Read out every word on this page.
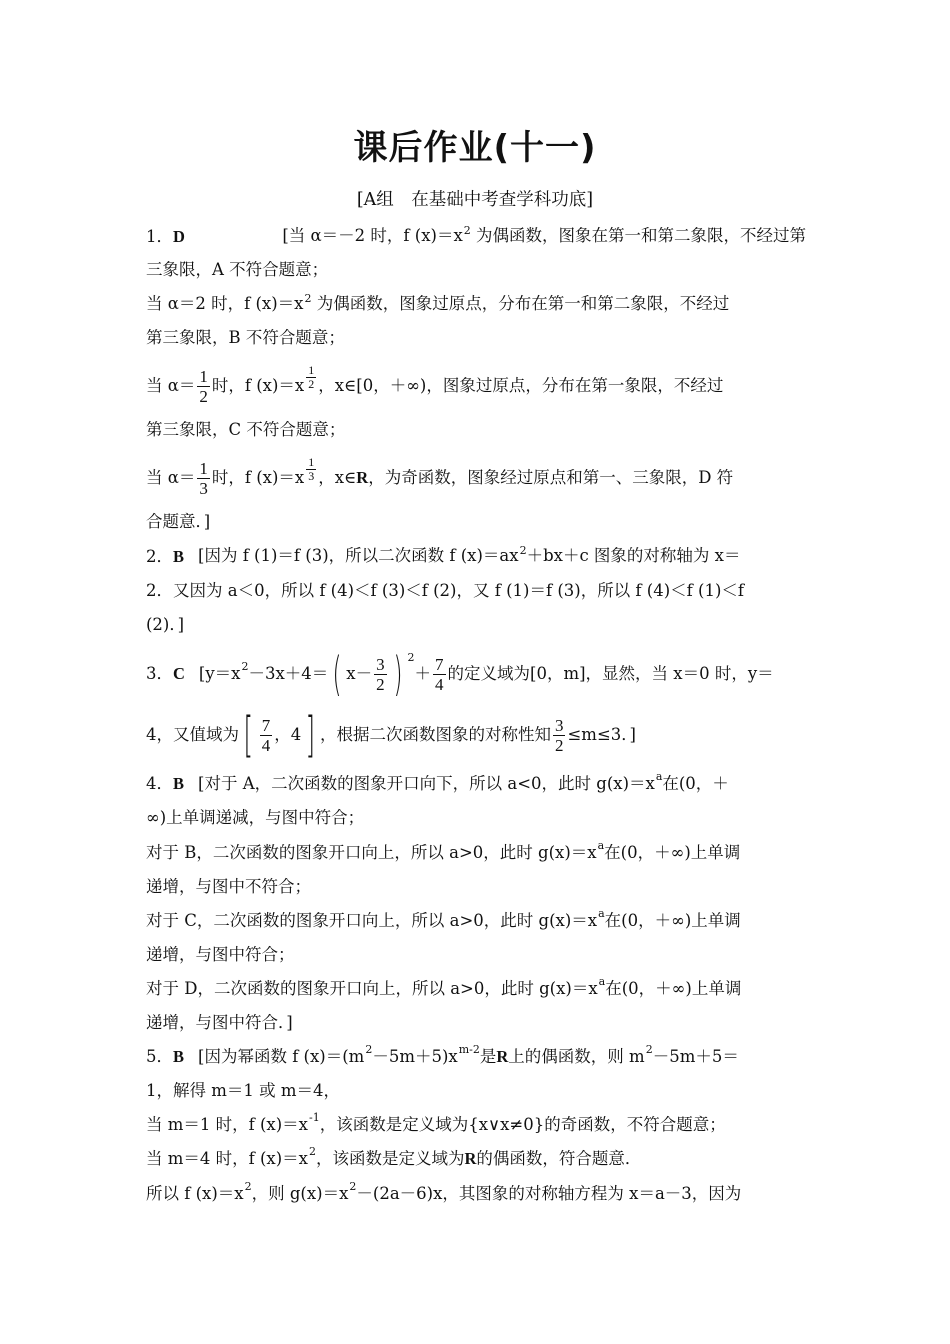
课后作业(十一)
[A组　在基础中考查学科功底]
1．D	[当 α＝－2 时，f $(x)=x^2$ 为偶函数，图象在第一和第二象限，不经过第
三象限，A 不符合题意；
当 α＝2 时，f $(x)=x^2$ 为偶函数，图象过原点，分布在第一和第二象限，不经过
第三象限，B 不符合题意；
当 $\alpha= \frac{1}{2}$ 时，f $(x)=x \frac{1}{2}$ ，x∈[0，＋∞)，图象过原点，分布在第一象限，不经过
第三象限，C 不符合题意；
当 $\alpha= \frac{1}{3}$ 时，f $(x)=x \frac{1}{3}$ ，x∈ R ，为奇函数，图象经过原点和第一、三象限，D 符
合题意．]
2． B [因为 f (1)＝f (3)，所以二次函数 f $(x)=ax^2+bx+c$ 图象的对称轴为 x＝
2．又因为 a＜0，所以 f (4)＜f (3)＜f (2)，又 f (1)＝f (3)，所以 f (4)＜f (1)＜f
(2)．]
3． C [y＝x 2 －3x＋4＝ ( $x- \frac{3}{2}$ ) 2
＋ $\frac{7}{4}$ 的定义域为[0，m]，显然，当 x＝0 时，y＝
4，又值域为 [ $\frac{7}{4}$ ，4 ] ，根据二次函数图象的对称性知 $\frac{3}{2} \le m\le 3$．]
4． B [对于 A，二次函数的图象开口向下，所以 a<0，此时 g(x)＝x a 在(0，＋
∞)上单调递减，与图中符合；
对于 B，二次函数的图象开口向上，所以 a>0，此时 g(x)＝x a 在(0，＋∞)上单调
递增，与图中不符合；
对于 C，二次函数的图象开口向上，所以 a>0，此时 g(x)＝x a 在(0，＋∞)上单调
递增，与图中符合；
对于 D，二次函数的图象开口向上，所以 a>0，此时 g(x)＝x a 在(0，＋∞)上单调
递增，与图中符合．]
5． B [因为幂函数 f (x)＝(m 2 －5m＋5)x m-2 是 R 上的偶函数，则 m 2 －5m＋5＝
1，解得 m＝1 或 m＝4，
当 m＝1 时，f (x)＝x -1 ，该函数是定义域为{x∨x≠0}的奇函数，不符合题意；
当 m＝4 时，f (x)＝x 2 ，该函数是定义域为 R 的偶函数，符合题意．
所以 f (x)＝x 2 ，则 g(x)＝x 2 －(2a－6)x，其图象的对称轴方程为 x＝a－3，因为
